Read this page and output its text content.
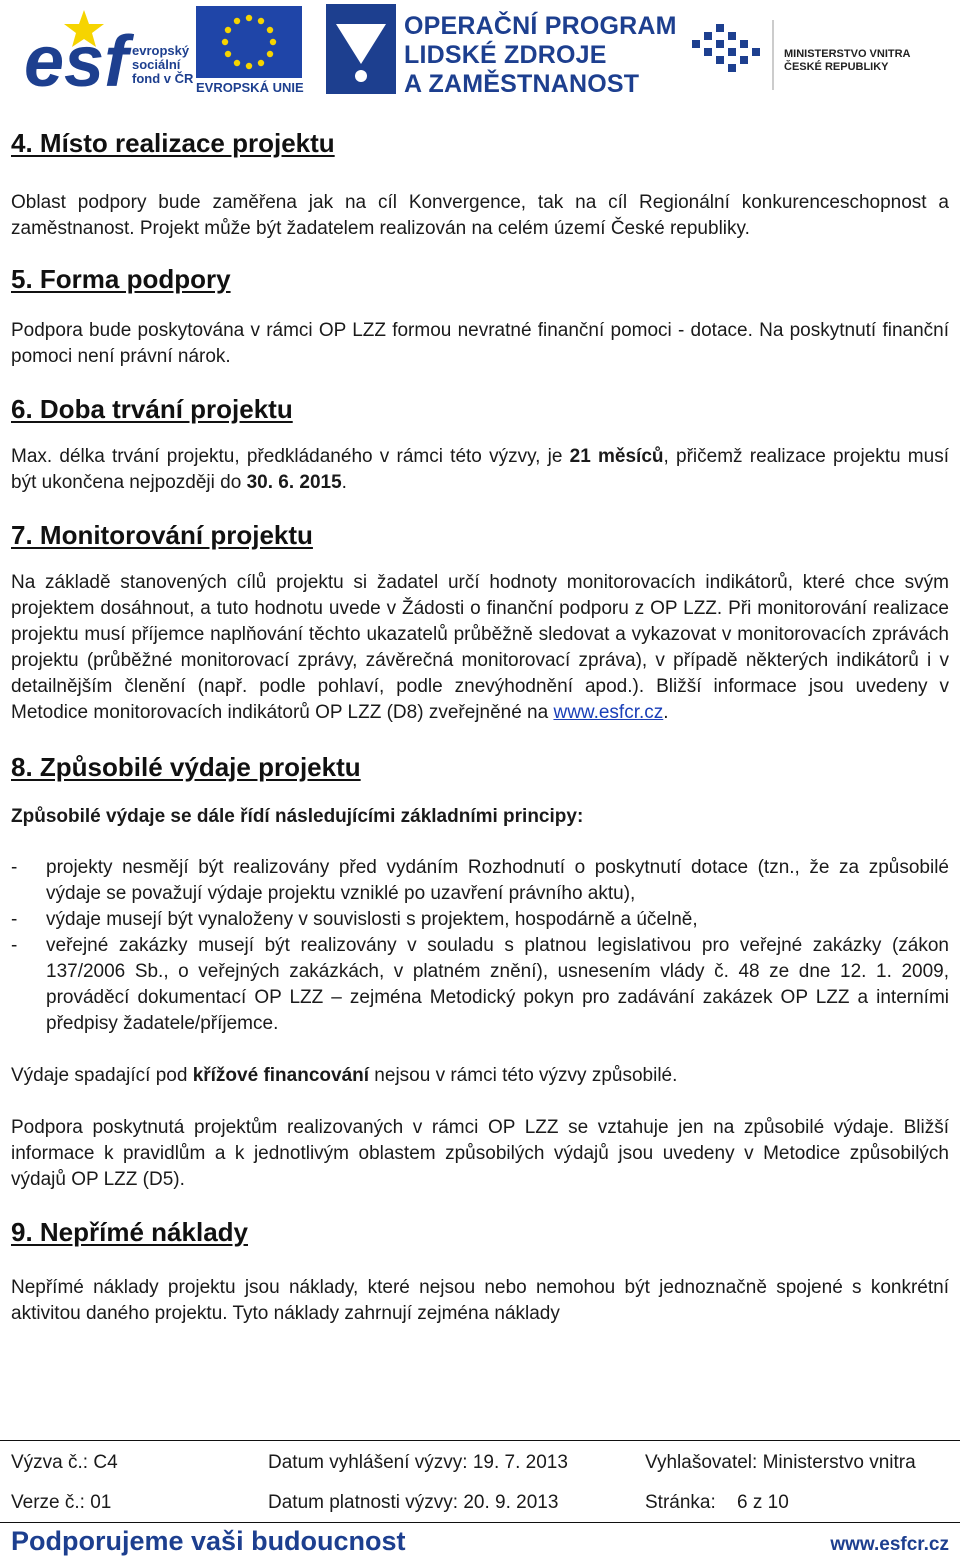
esf evropský
sociální
fond v ČR
EVROPSKÁ UNIE
OPERAČNÍ PROGRAM
LIDSKÉ ZDROJE
A ZAMĚSTNANOST
MINISTERSTVO VNITRA
ČESKÉ REPUBLIKY
4. Místo realizace projektu

Oblast podpory bude zaměřena jak na cíl Konvergence, tak na cíl Regionální konkurenceschopnost a zaměstnanost. Projekt může být žadatelem realizován na celém území České republiky.

5. Forma podpory

Podpora bude poskytována v rámci OP LZZ formou nevratné finanční pomoci - dotace. Na poskytnutí finanční pomoci není právní nárok.

6. Doba trvání projektu

Max. délka trvání projektu, předkládaného v rámci této výzvy, je 21 měsíců, přičemž realizace projektu musí být ukončena nejpozději do 30. 6. 2015.

7. Monitorování projektu

Na základě stanovených cílů projektu si žadatel určí hodnoty monitorovacích indikátorů, které chce svým projektem dosáhnout, a tuto hodnotu uvede v Žádosti o finanční podporu z OP LZZ. Při monitorování realizace projektu musí příjemce naplňování těchto ukazatelů průběžně sledovat a vykazovat v monitorovacích zprávách projektu (průběžné monitorovací zprávy, závěrečná monitorovací zpráva), v případě některých indikátorů i v detailnějším členění (např. podle pohlaví, podle znevýhodnění apod.). Bližší informace jsou uvedeny v Metodice monitorovacích indikátorů OP LZZ (D8) zveřejněné na www.esfcr.cz.

8. Způsobilé výdaje projektu

Způsobilé výdaje se dále řídí následujícími základními principy:

- projekty nesmějí být realizovány před vydáním Rozhodnutí o poskytnutí dotace (tzn., že za způsobilé výdaje se považují výdaje projektu vzniklé po uzavření právního aktu),
- výdaje musejí být vynaloženy v souvislosti s projektem, hospodárně a účelně,
- veřejné zakázky musejí být realizovány v souladu s platnou legislativou pro veřejné zakázky (zákon 137/2006 Sb., o veřejných zakázkách, v platném znění), usnesením vlády č. 48 ze dne 12. 1. 2009, prováděcí dokumentací OP LZZ – zejména Metodický pokyn pro zadávání zakázek OP LZZ a interními předpisy žadatele/příjemce.

Výdaje spadající pod křížové financování nejsou v rámci této výzvy způsobilé.

Podpora poskytnutá projektům realizovaných v rámci OP LZZ se vztahuje jen na způsobilé výdaje. Bližší informace k pravidlům a k jednotlivým oblastem způsobilých výdajů jsou uvedeny v Metodice způsobilých výdajů OP LZZ (D5).

9. Nepřímé náklady

Nepřímé náklady projektu jsou náklady, které nejsou nebo nemohou být jednoznačně spojené s konkrétní aktivitou daného projektu. Tyto náklady zahrnují zejména náklady

Výzva č.: C4	Datum vyhlášení výzvy: 19. 7. 2013	Vyhlašovatel: Ministerstvo vnitra
Verze č.: 01	Datum platnosti výzvy: 20. 9. 2013	Stránka: 6 z 10
Podporujeme vaši budoucnost	www.esfcr.cz
